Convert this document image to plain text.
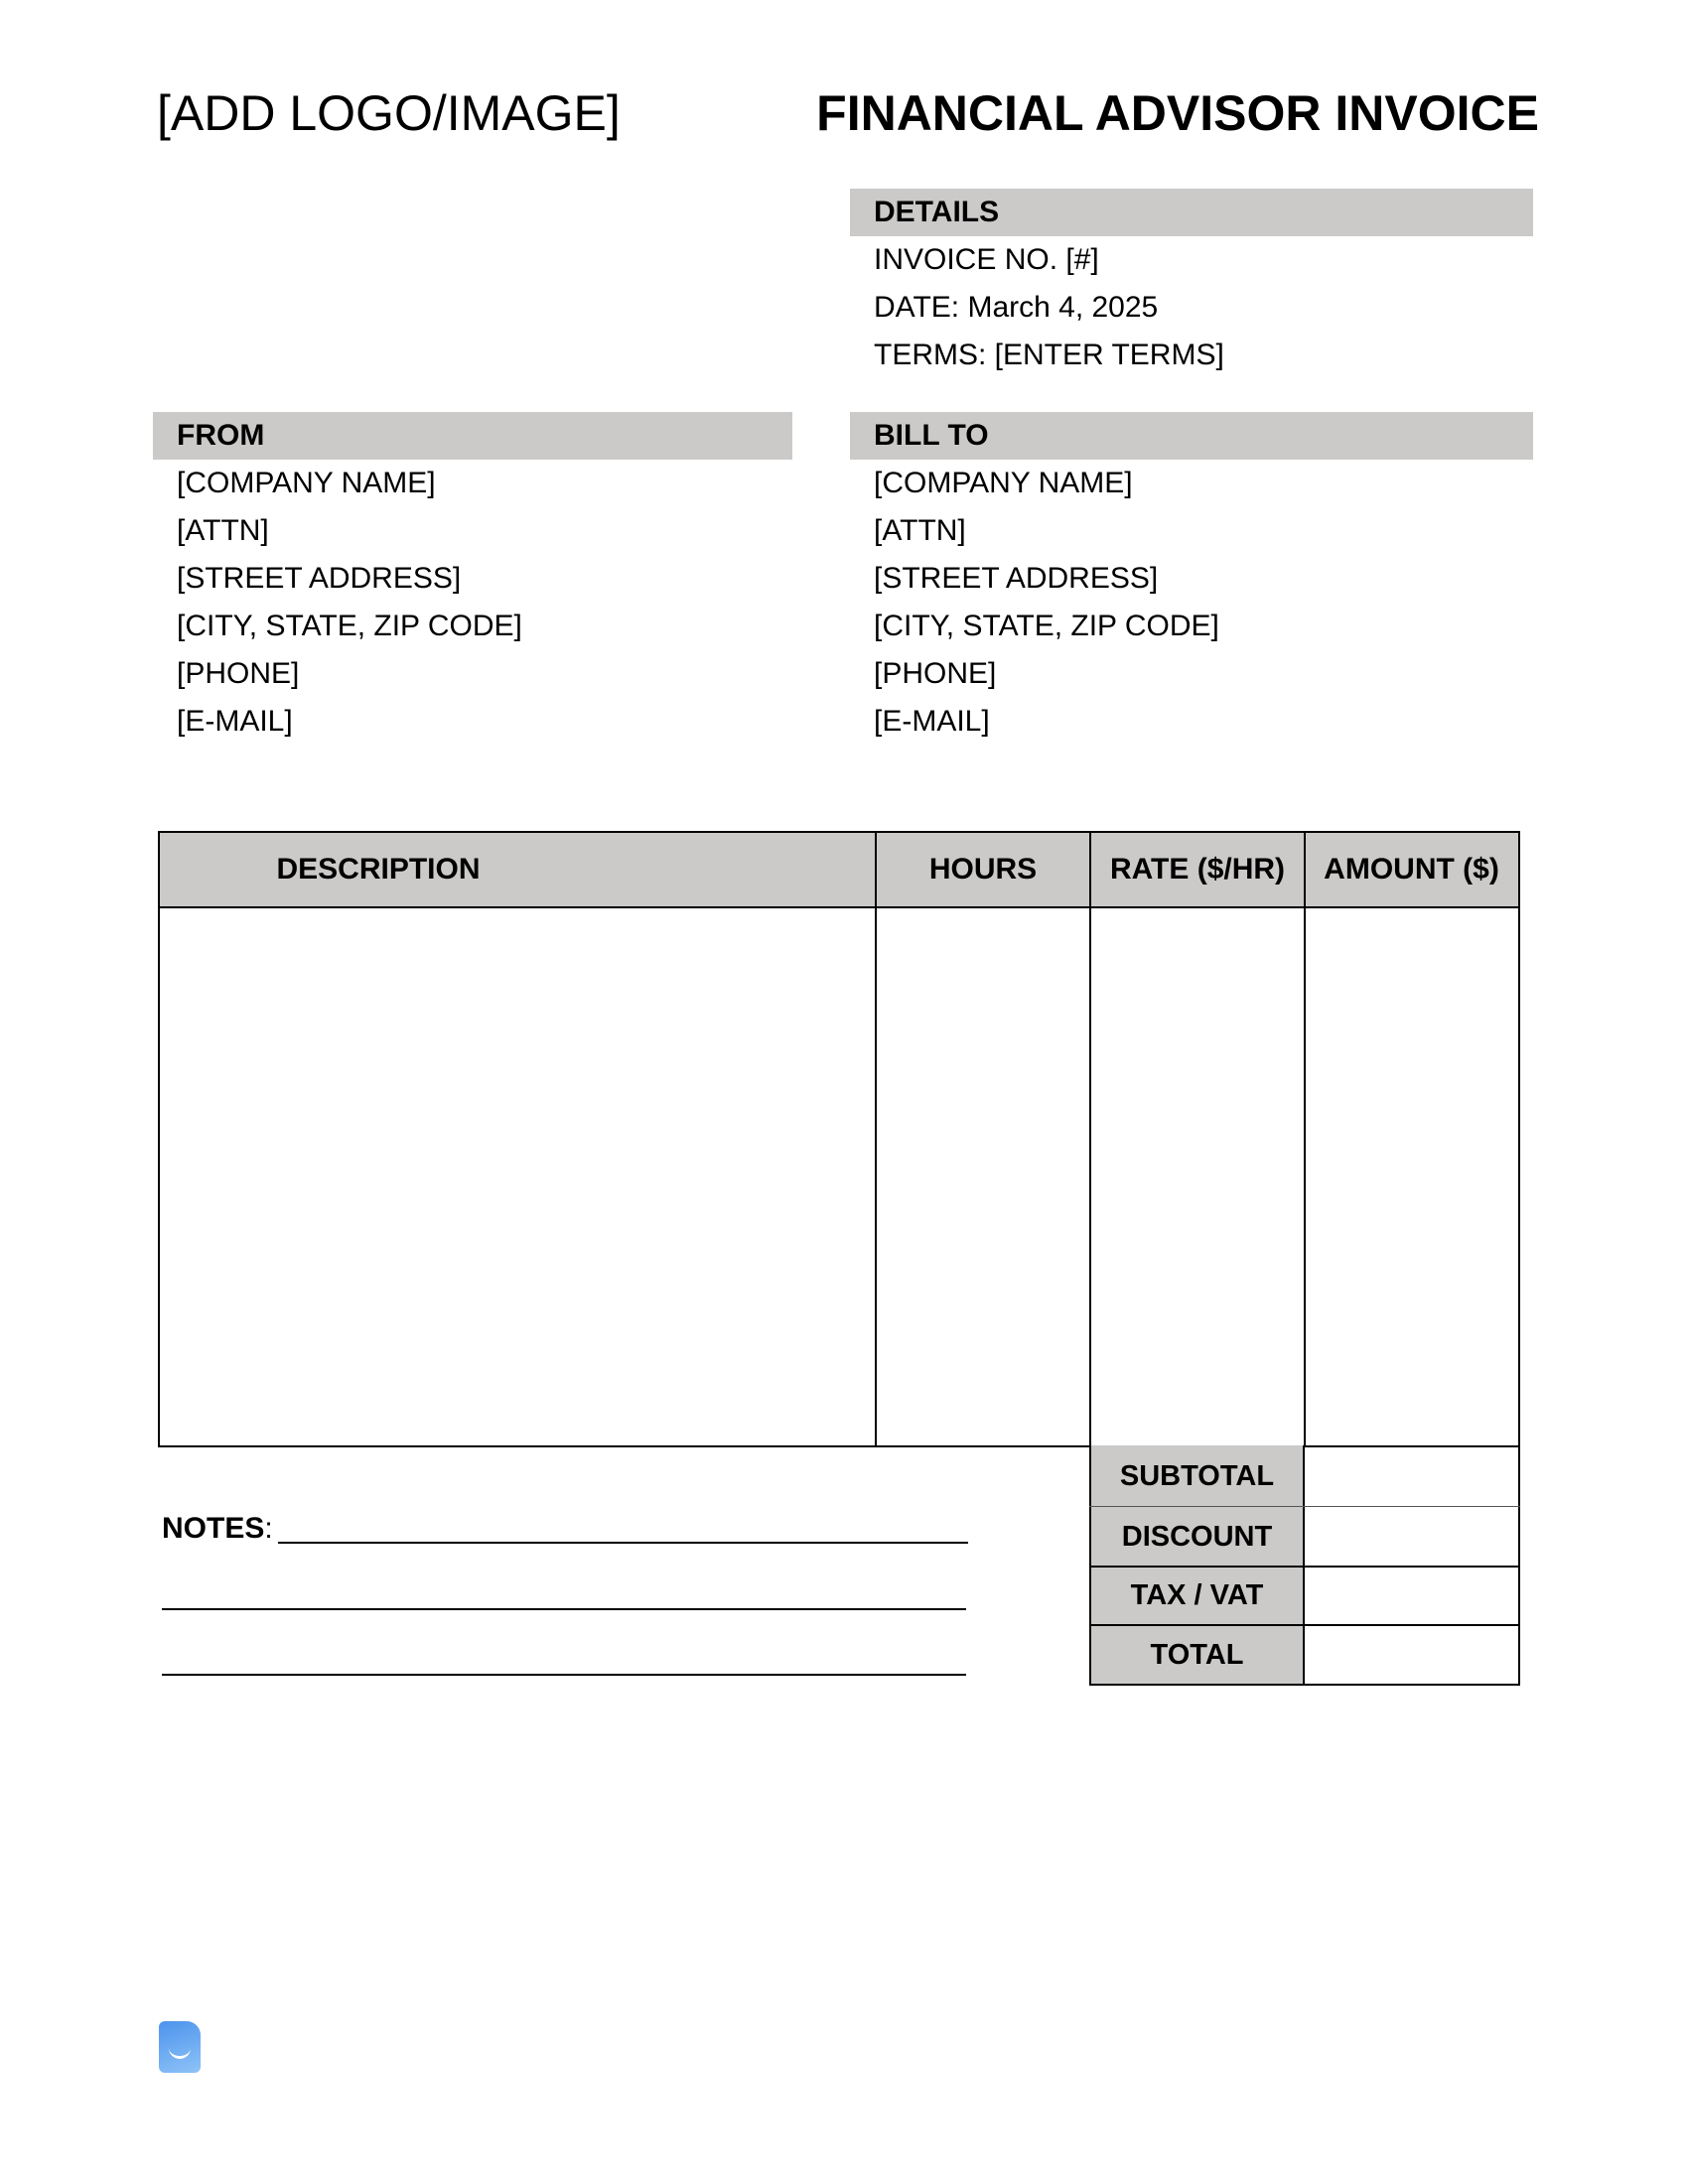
[ADD LOGO/IMAGE]	FINANCIAL ADVISOR INVOICE
DETAILS
INVOICE NO. [#]
DATE: March 4, 2025
TERMS: [ENTER TERMS]
FROM
[COMPANY NAME]
[ATTN]
[STREET ADDRESS]
[CITY, STATE, ZIP CODE]
[PHONE]
[E-MAIL]
BILL TO
[COMPANY NAME]
[ATTN]
[STREET ADDRESS]
[CITY, STATE, ZIP CODE]
[PHONE]
[E-MAIL]
DESCRIPTION	HOURS	RATE ($/HR)	AMOUNT ($)
SUBTOTAL
DISCOUNT
TAX / VAT
TOTAL
NOTES:
